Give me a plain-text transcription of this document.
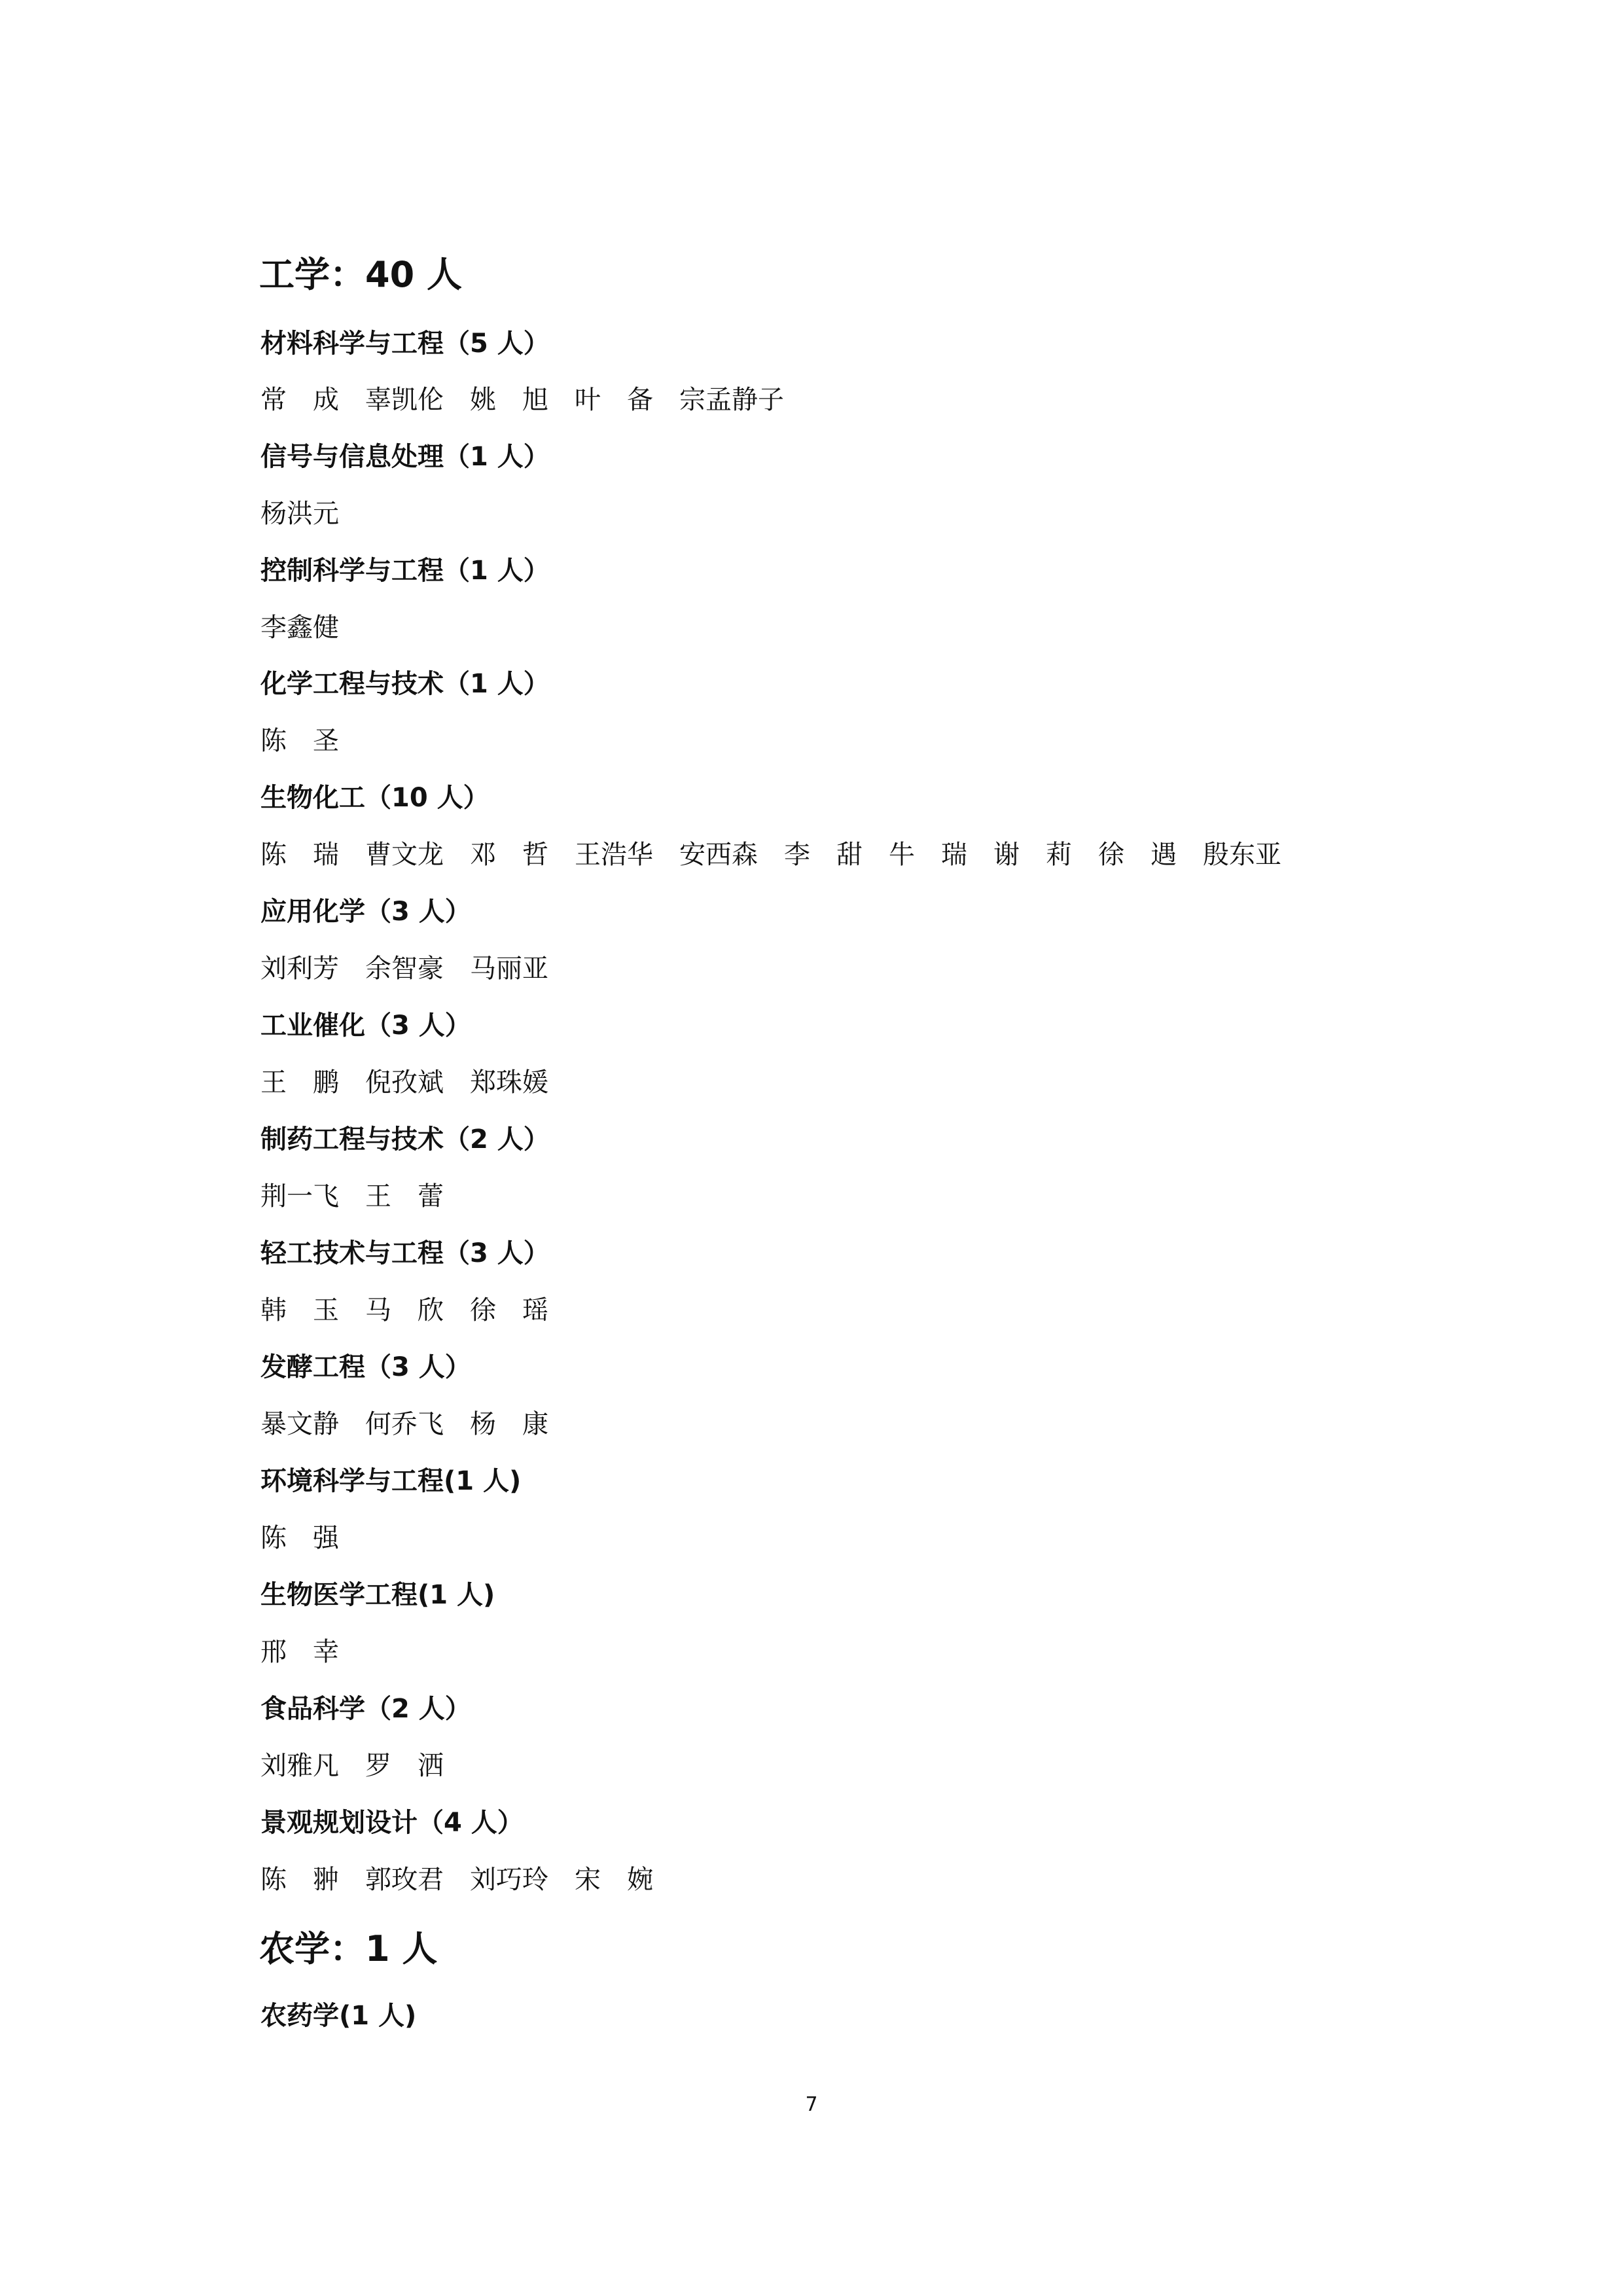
工学：40 人
材料科学与工程（5 人）

常　成　辜凯伦　姚　旭　叶　备　宗孟静子

信号与信息处理（1 人）

杨洪元

控制科学与工程（1 人）

李鑫健

化学工程与技术（1 人）

陈　圣

生物化工（10 人）

陈　瑞　曹文龙　邓　哲　王浩华　安西森　李　甜　牛　瑞　谢　莉　徐　遇　殷东亚

应用化学（3 人）

刘利芳　余智豪　马丽亚

工业催化（3 人）

王　鹏　倪孜斌　郑珠媛

制药工程与技术（2 人）

荆一飞　王　蕾

轻工技术与工程（3 人）

韩　玉　马　欣　徐　瑶

发酵工程（3 人）

暴文静　何乔飞　杨　康

环境科学与工程(1 人)

陈　强

生物医学工程(1 人)

邢　幸

食品科学（2 人）

刘雅凡　罗　洒

景观规划设计（4 人）

陈　翀　郭玫君　刘巧玲　宋　婉

农学：1 人
农药学(1 人)
7
